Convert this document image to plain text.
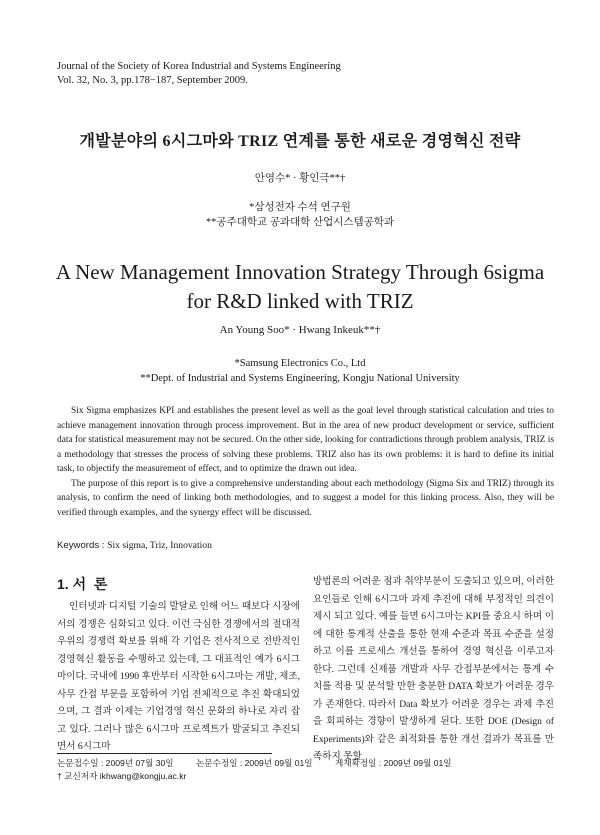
Journal of the Society of Korea Industrial and Systems Engineering
Vol. 32, No. 3, pp.178−187, September 2009.
개발분야의 6시그마와 TRIZ 연계를 통한 새로운 경영혁신 전략
안영수* · 황인극**†
*삼성전자 수석 연구원
**공주대학교 공과대학 산업시스템공학과
A New Management Innovation Strategy Through 6sigma
for R&D linked with TRIZ
An Young Soo* · Hwang Inkeuk**†
*Samsung Electronics Co., Ltd
**Dept. of Industrial and Systems Engineering, Kongju National University

Six Sigma emphasizes KPI and establishes the present level as well as the goal level through statistical calculation and tries to achieve management innovation through process improvement. But in the area of new product development or service, sufficient data for statistical measurement may not be secured. On the other side, looking for contradictions through problem analysis, TRIZ is a methodology that stresses the process of solving these problems. TRIZ also has its own problems: it is hard to define its initial task, to objectify the measurement of effect, and to optimize the drawn out idea.

The purpose of this report is to give a comprehensive understanding about each methodology (Sigma Six and TRIZ) through its analysis, to confirm the need of linking both methodologies, and to suggest a model for this linking process. Also, they will be verified through examples, and the synergy effect will be discussed.

Keywords : Six sigma, Triz, Innovation
1. 서  론

인터넷과 디지털 기술의 발달로 인해 어느 때보다 시장에서의 경쟁은 심화되고 있다. 이런 극심한 경쟁에서의 절대적 우위의 경쟁력 확보를 위해 각 기업은 전사적으로 전반적인 경영혁신 활동을 수행하고 있는데, 그 대표적인 예가 6시그마이다. 국내에 1990 후반부터 시작한 6시그마는 개발, 제조, 사무 간접 부문을 포함하여 기업 전체적으로 추진 확대되었으며, 그 결과 이제는 기업경영 혁신 문화의 하나로 자리 잡고 있다. 그러나 많은 6시그마 프로젝트가 발굴되고 추진되면서 6시그마

방법론의 어려운 점과 취약부분이 도출되고 있으며, 이러한 요인들로 인해 6시그마 과제 추진에 대해 부정적인 의견이 제시 되고 있다. 예를 들면 6시그마는 KPI를 중요시 하며 이에 대한 통계적 산출을 통한 현재 수준과 목표 수준을 설정 하고 이를 프로세스 개선을 통하여 경영 혁신을 이루고자 한다. 그런데 신제품 개발과 사무 간접부분에서는 통계 수치를 적용 및 분석할 만한 충분한 DATA 확보가 어려운 경우가 존재한다. 따라서 Data 확보가 어려운 경우는 과제 추진을 회피하는 경향이 발생하게 된다. 또한 DOE (Design of Experiments)와 같은 최적화를 통한 개선 결과가 목표를 만족하지 못할

논문접수일 : 2009년 07월 30일	논문수정일 : 2009년 09월 01일	게재확정일 : 2009년 09월 01일
† 교신저자 ikhwang@kongju.ac.kr
